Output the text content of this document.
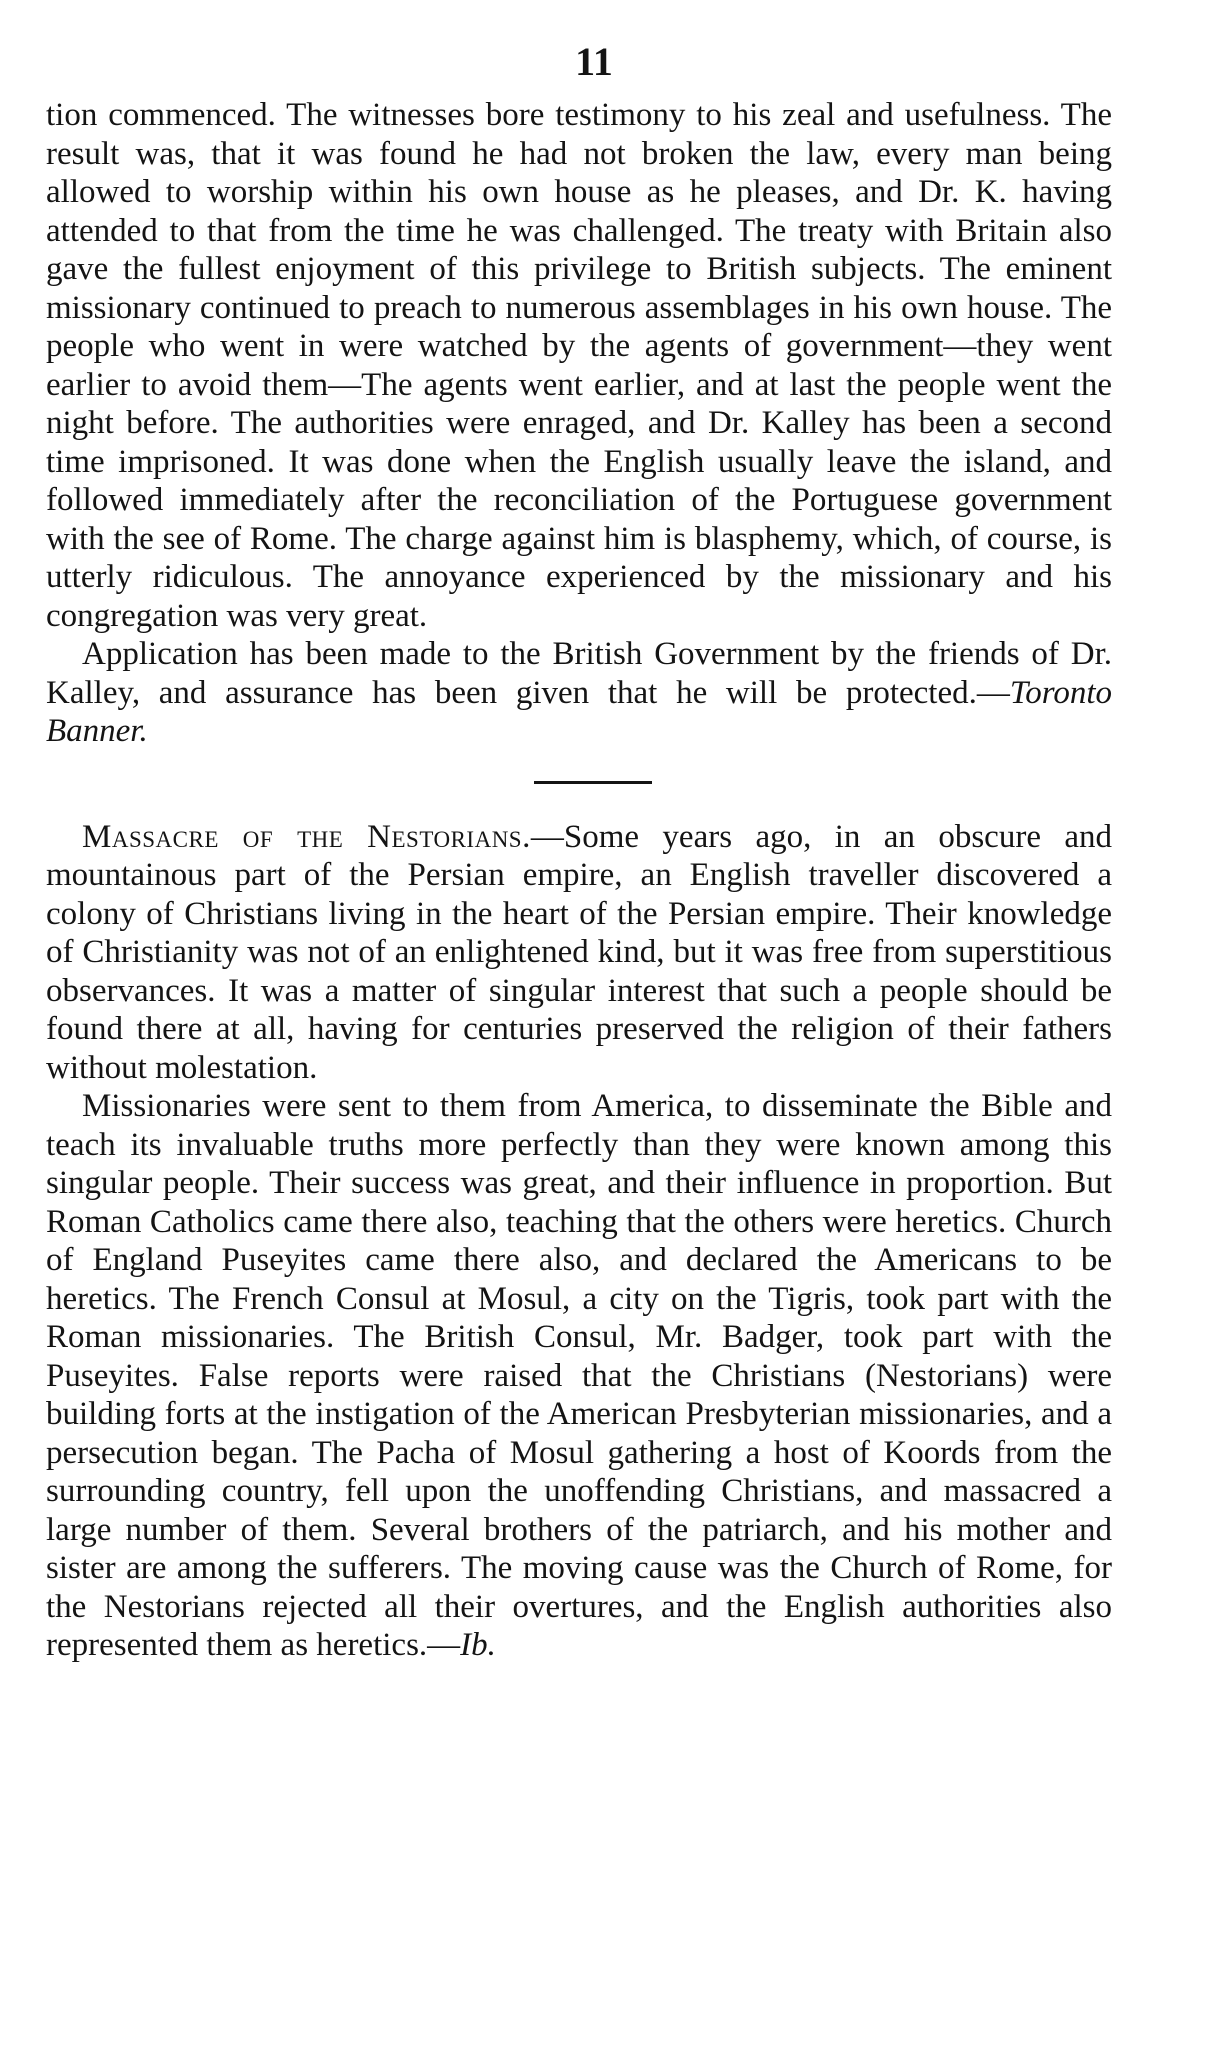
11

tion commenced. The witnesses bore testimony to his zeal and usefulness. The result was, that it was found he had not broken the law, every man being allowed to worship within his own house as he pleases, and Dr. K. having attended to that from the time he was challenged. The treaty with Britain also gave the fullest enjoyment of this privilege to British subjects. The eminent missionary continued to preach to numerous assemblages in his own house. The people who went in were watched by the agents of government—they went earlier to avoid them—The agents went earlier, and at last the people went the night before. The authorities were enraged, and Dr. Kalley has been a second time imprisoned. It was done when the English usually leave the island, and followed immediately after the reconciliation of the Portuguese government with the see of Rome. The charge against him is blasphemy, which, of course, is utterly ridiculous. The annoyance experienced by the missionary and his congregation was very great.

Application has been made to the British Government by the friends of Dr. Kalley, and assurance has been given that he will be protected.—Toronto Banner.

Massacre of the Nestorians.—Some years ago, in an obscure and mountainous part of the Persian empire, an English traveller discovered a colony of Christians living in the heart of the Persian empire. Their knowledge of Christianity was not of an enlightened kind, but it was free from superstitious observances. It was a matter of singular interest that such a people should be found there at all, having for centuries preserved the religion of their fathers without molestation.

Missionaries were sent to them from America, to disseminate the Bible and teach its invaluable truths more perfectly than they were known among this singular people. Their success was great, and their influence in proportion. But Roman Catholics came there also, teaching that the others were heretics. Church of England Puseyites came there also, and declared the Americans to be heretics. The French Consul at Mosul, a city on the Tigris, took part with the Roman missionaries. The British Consul, Mr. Badger, took part with the Puseyites. False reports were raised that the Christians (Nestorians) were building forts at the instigation of the American Presbyterian missionaries, and a persecution began. The Pacha of Mosul gathering a host of Koords from the surrounding country, fell upon the unoffending Christians, and massacred a large number of them. Several brothers of the patriarch, and his mother and sister are among the sufferers. The moving cause was the Church of Rome, for the Nestorians rejected all their overtures, and the English authorities also represented them as heretics.—Ib.
